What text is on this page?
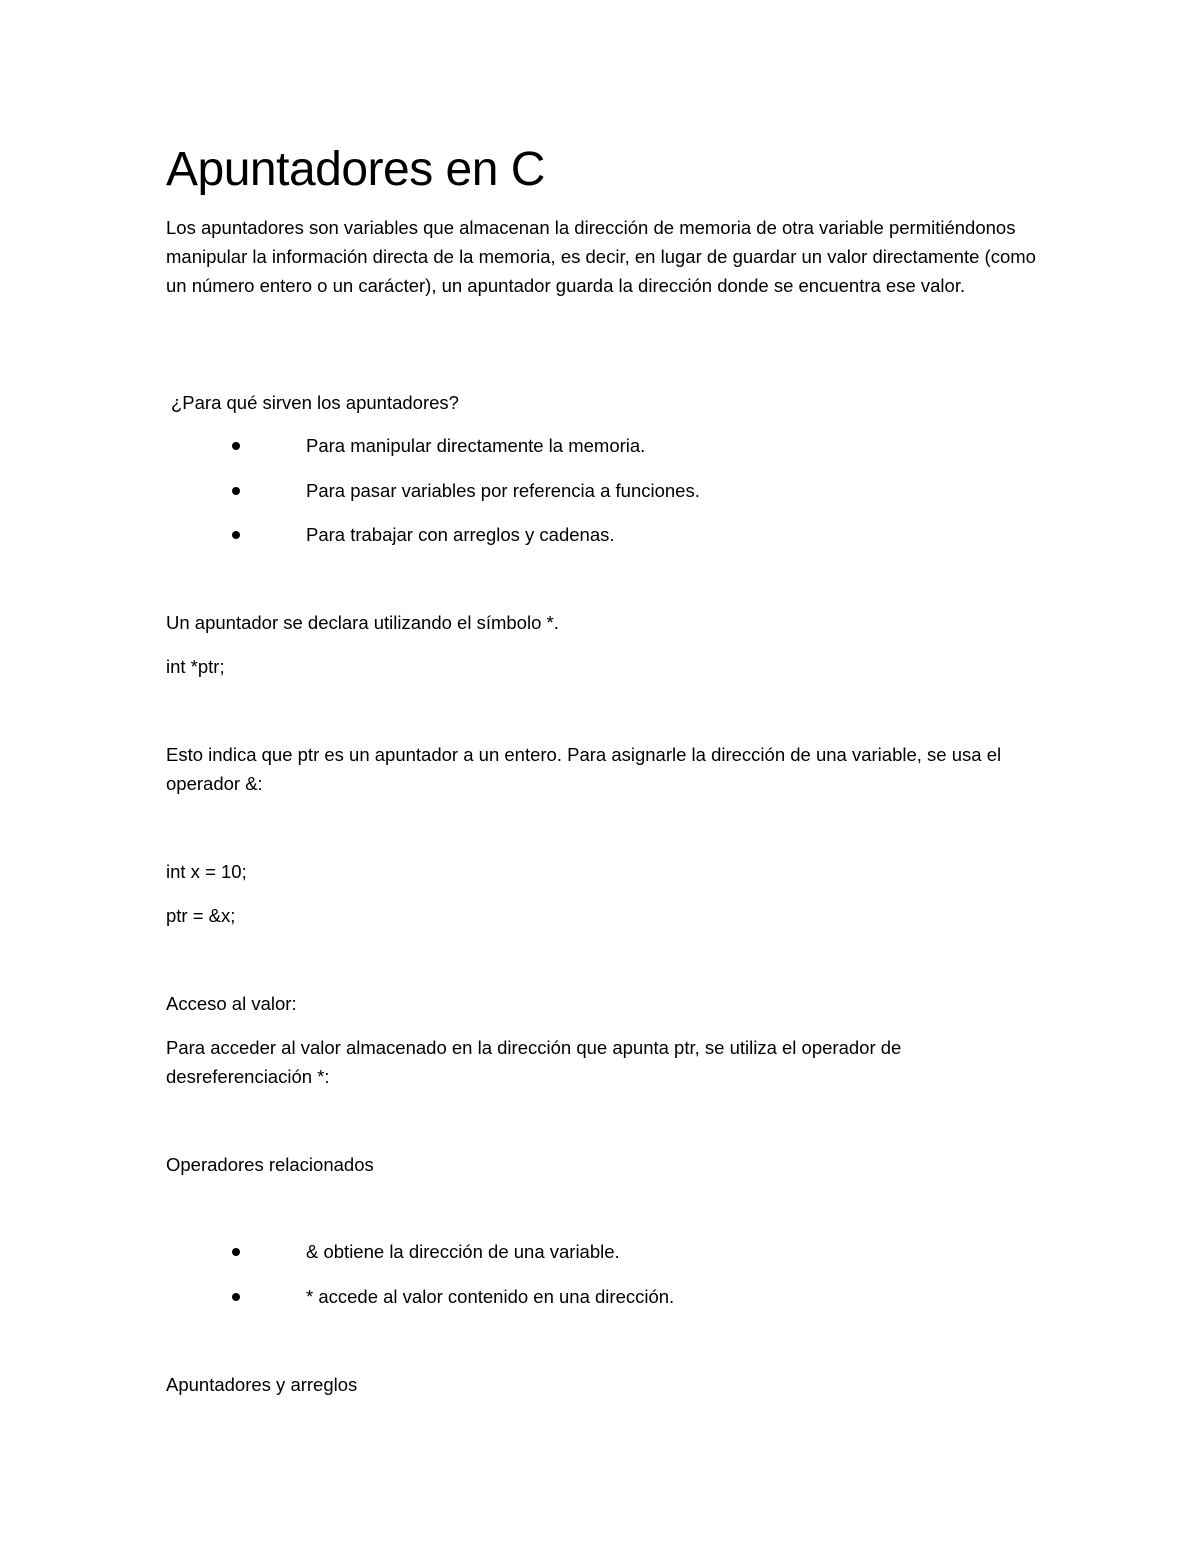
Apuntadores en C

Los apuntadores son variables que almacenan la dirección de memoria de otra variable permitiéndonos manipular la información directa de la memoria, es decir, en lugar de guardar un valor directamente (como un número entero o un carácter), un apuntador guarda la dirección donde se encuentra ese valor.

¿Para qué sirven los apuntadores?

Para manipular directamente la memoria.
Para pasar variables por referencia a funciones.
Para trabajar con arreglos y cadenas.

Un apuntador se declara utilizando el símbolo *.

int *ptr;

Esto indica que ptr es un apuntador a un entero. Para asignarle la dirección de una variable, se usa el operador &:

int x = 10;

ptr = &x;

Acceso al valor:

Para acceder al valor almacenado en la dirección que apunta ptr, se utiliza el operador de desreferenciación *:

Operadores relacionados

& obtiene la dirección de una variable.
* accede al valor contenido en una dirección.

Apuntadores y arreglos
